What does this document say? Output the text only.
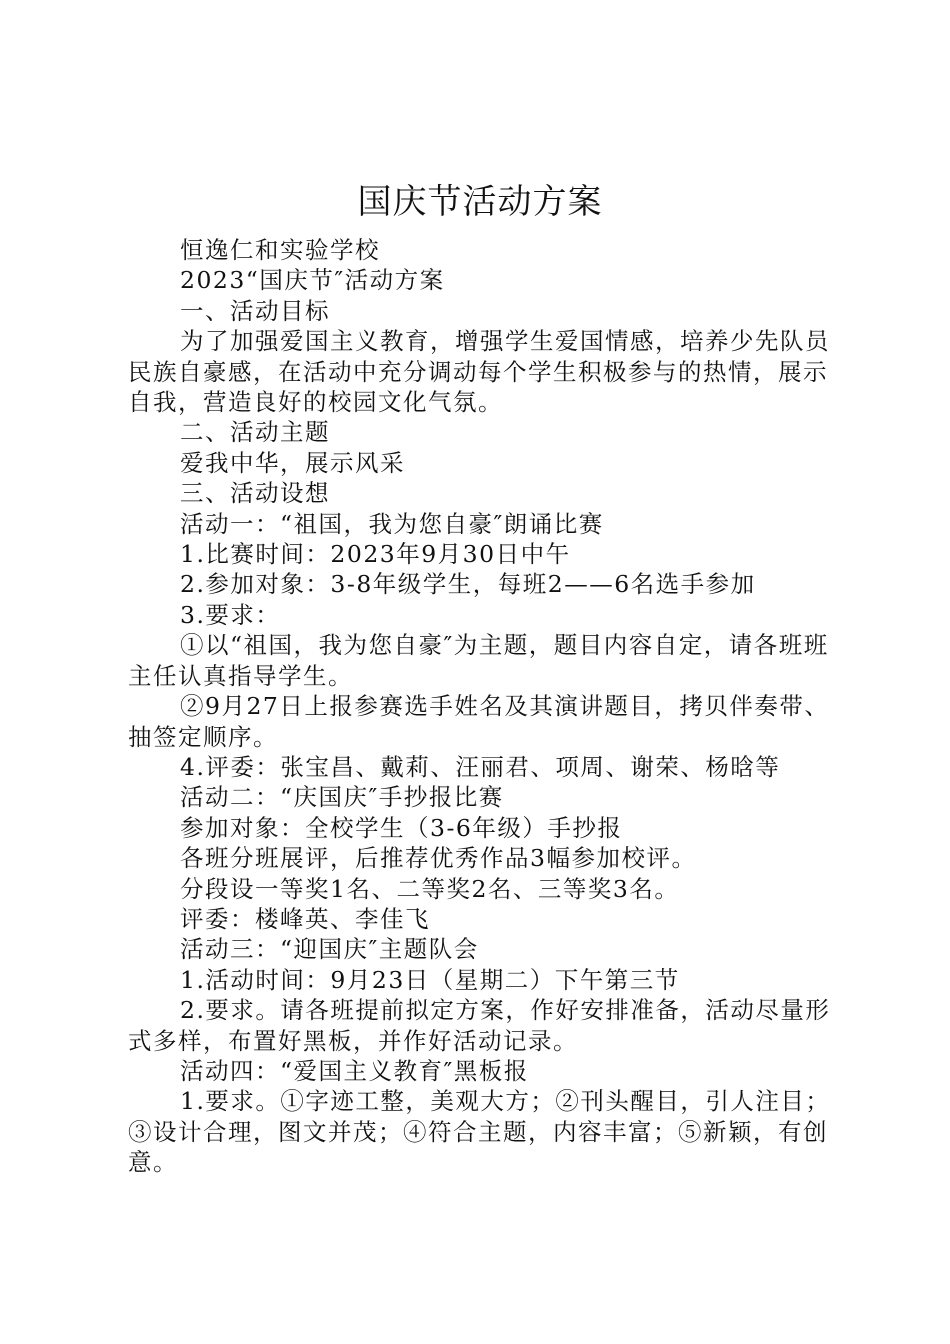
国庆节活动方案

恒逸仁和实验学校

2023“国庆节″活动方案

一、活动目标

为了加强爱国主义教育，增强学生爱国情感，培养少先队员民族自豪感，在活动中充分调动每个学生积极参与的热情，展示自我，营造良好的校园文化气氛。

二、活动主题

爱我中华，展示风采

三、活动设想

活动一：“祖国，我为您自豪″朗诵比赛

1.比赛时间：2023年9月30日中午

2.参加对象：3-8年级学生，每班2——6名选手参加

3.要求：

①以“祖国，我为您自豪″为主题，题目内容自定，请各班班主任认真指导学生。

②9月27日上报参赛选手姓名及其演讲题目，拷贝伴奏带、抽签定顺序。

4.评委：张宝昌、戴莉、汪丽君、项周、谢荣、杨晗等

活动二：“庆国庆″手抄报比赛

参加对象：全校学生（3-6年级）手抄报

各班分班展评，后推荐优秀作品3幅参加校评。

分段设一等奖1名、二等奖2名、三等奖3名。

评委：楼峰英、李佳飞

活动三：“迎国庆″主题队会

1.活动时间：9月23日（星期二）下午第三节

2.要求。请各班提前拟定方案，作好安排准备，活动尽量形式多样，布置好黑板，并作好活动记录。

活动四：“爱国主义教育″黑板报

1.要求。①字迹工整，美观大方；②刊头醒目，引人注目；③设计合理，图文并茂；④符合主题，内容丰富；⑤新颖，有创意。
